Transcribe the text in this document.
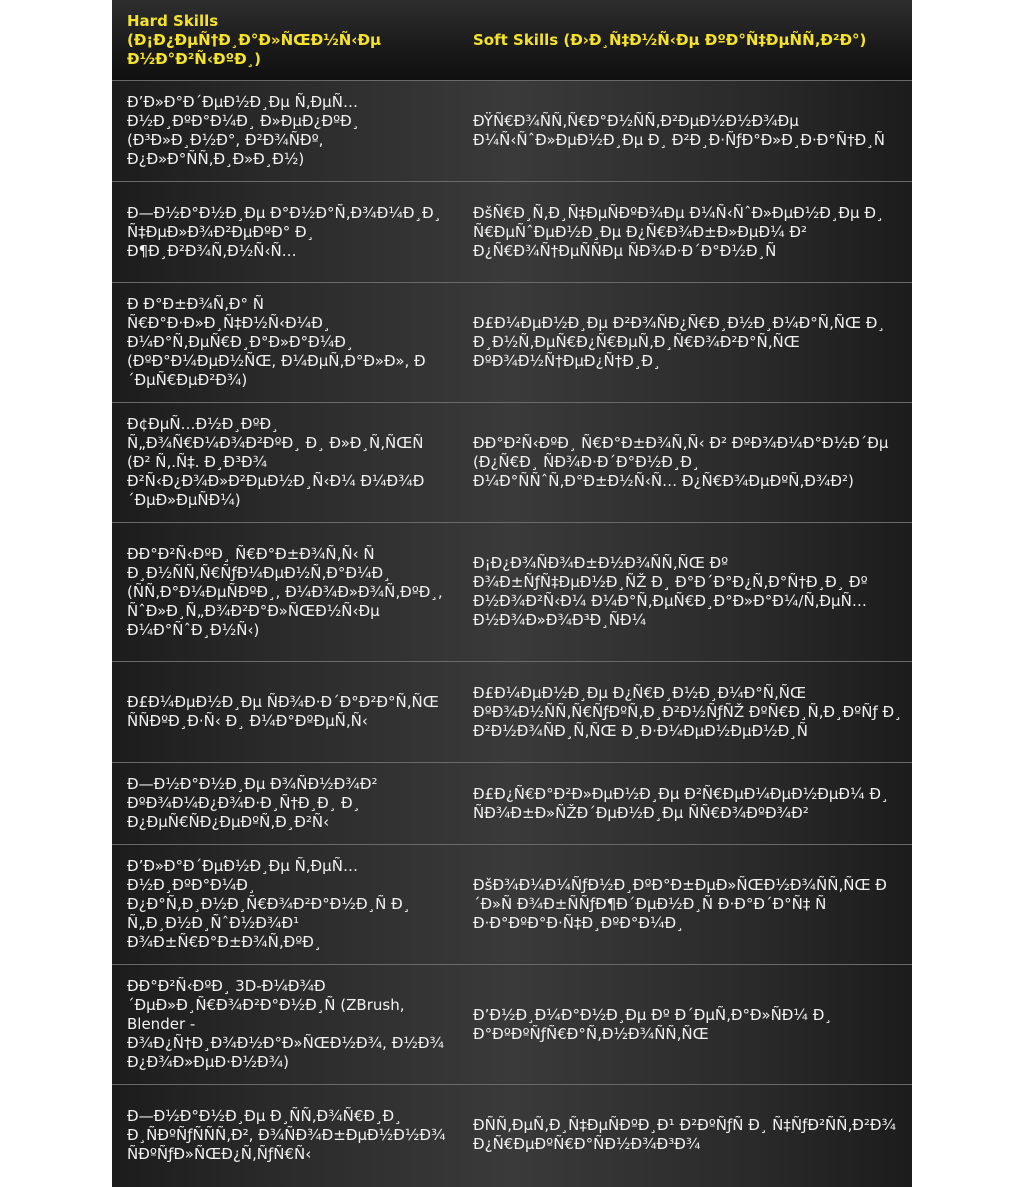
Hard Skills (Ð¡Ð¿ÐµÑ†Ð¸Ð°Ð»ÑŒÐ½Ñ‹Ðµ Ð½Ð°Ð²Ñ‹ÐºÐ¸)	Soft Skills (Ð›Ð¸Ñ‡Ð½Ñ‹Ðµ ÐºÐ°Ñ‡ÐµÑÑ‚Ð²Ð°)
Ð’Ð»Ð°Ð´ÐµÐ½Ð¸Ðµ Ñ‚ÐµÑ…Ð½Ð¸ÐºÐ°Ð¼Ð¸ Ð»ÐµÐ¿ÐºÐ¸ (Ð³Ð»Ð¸Ð½Ð°, Ð²Ð¾ÑÐº, Ð¿Ð»Ð°ÑÑ‚Ð¸Ð»Ð¸Ð½)	ÐŸÑ€Ð¾ÑÑ‚Ñ€Ð°Ð½ÑÑ‚Ð²ÐµÐ½Ð½Ð¾Ðµ Ð¼Ñ‹ÑˆÐ»ÐµÐ½Ð¸Ðµ Ð¸ Ð²Ð¸Ð·ÑƒÐ°Ð»Ð¸Ð·Ð°Ñ†Ð¸Ñ
Ð—Ð½Ð°Ð½Ð¸Ðµ Ð°Ð½Ð°Ñ‚Ð¾Ð¼Ð¸Ð¸ Ñ‡ÐµÐ»Ð¾Ð²ÐµÐºÐ° Ð¸ Ð¶Ð¸Ð²Ð¾Ñ‚Ð½Ñ‹Ñ…	ÐšÑ€Ð¸Ñ‚Ð¸Ñ‡ÐµÑÐºÐ¾Ðµ Ð¼Ñ‹ÑˆÐ»ÐµÐ½Ð¸Ðµ Ð¸ Ñ€ÐµÑˆÐµÐ½Ð¸Ðµ Ð¿Ñ€Ð¾Ð±Ð»ÐµÐ¼ Ð² Ð¿Ñ€Ð¾Ñ†ÐµÑÑÐµ ÑÐ¾Ð·Ð´Ð°Ð½Ð¸Ñ
Ð Ð°Ð±Ð¾Ñ‚Ð° Ñ Ñ€Ð°Ð·Ð»Ð¸Ñ‡Ð½Ñ‹Ð¼Ð¸ Ð¼Ð°Ñ‚ÐµÑ€Ð¸Ð°Ð»Ð°Ð¼Ð¸ (ÐºÐ°Ð¼ÐµÐ½ÑŒ, Ð¼ÐµÑ‚Ð°Ð»Ð», Ð´ÐµÑ€ÐµÐ²Ð¾)	Ð£Ð¼ÐµÐ½Ð¸Ðµ Ð²Ð¾ÑÐ¿Ñ€Ð¸Ð½Ð¸Ð¼Ð°Ñ‚ÑŒ Ð¸ Ð¸Ð½Ñ‚ÐµÑ€Ð¿Ñ€ÐµÑ‚Ð¸Ñ€Ð¾Ð²Ð°Ñ‚ÑŒ ÐºÐ¾Ð½Ñ†ÐµÐ¿Ñ†Ð¸Ð¸
Ð¢ÐµÑ…Ð½Ð¸ÐºÐ¸ Ñ„Ð¾Ñ€Ð¼Ð¾Ð²ÐºÐ¸ Ð¸ Ð»Ð¸Ñ‚ÑŒÑ (Ð² Ñ‚.Ñ‡. Ð¸Ð³Ð¾ Ð²Ñ‹Ð¿Ð¾Ð»Ð²ÐµÐ½Ð¸Ñ‹Ð¼ Ð¼Ð¾Ð´ÐµÐ»ÐµÑÐ¼)	ÐÐ°Ð²Ñ‹ÐºÐ¸ Ñ€Ð°Ð±Ð¾Ñ‚Ñ‹ Ð² ÐºÐ¾Ð¼Ð°Ð½Ð´Ðµ (Ð¿Ñ€Ð¸ ÑÐ¾Ð·Ð´Ð°Ð½Ð¸Ð¸ Ð¼Ð°ÑÑˆÑ‚Ð°Ð±Ð½Ñ‹Ñ… Ð¿Ñ€Ð¾ÐµÐºÑ‚Ð¾Ð²)
ÐÐ°Ð²Ñ‹ÐºÐ¸ Ñ€Ð°Ð±Ð¾Ñ‚Ñ‹ Ñ Ð¸Ð½ÑÑ‚Ñ€ÑƒÐ¼ÐµÐ½Ñ‚Ð°Ð¼Ð¸ (ÑÑ‚Ð°Ð¼ÐµÑÐºÐ¸, Ð¼Ð¾Ð»Ð¾Ñ‚ÐºÐ¸, ÑˆÐ»Ð¸Ñ„Ð¾Ð²Ð°Ð»ÑŒÐ½Ñ‹Ðµ Ð¼Ð°ÑˆÐ¸Ð½Ñ‹)	Ð¡Ð¿Ð¾ÑÐ¾Ð±Ð½Ð¾ÑÑ‚ÑŒ Ðº Ð¾Ð±ÑƒÑ‡ÐµÐ½Ð¸ÑŽ Ð¸ Ð°Ð´Ð°Ð¿Ñ‚Ð°Ñ†Ð¸Ð¸ Ðº Ð½Ð¾Ð²Ñ‹Ð¼ Ð¼Ð°Ñ‚ÐµÑ€Ð¸Ð°Ð»Ð°Ð¼/Ñ‚ÐµÑ…Ð½Ð¾Ð»Ð¾Ð³Ð¸ÑÐ¼
Ð£Ð¼ÐµÐ½Ð¸Ðµ ÑÐ¾Ð·Ð´Ð°Ð²Ð°Ñ‚ÑŒ ÑÑÐºÐ¸Ð·Ñ‹ Ð¸ Ð¼Ð°ÐºÐµÑ‚Ñ‹	Ð£Ð¼ÐµÐ½Ð¸Ðµ Ð¿Ñ€Ð¸Ð½Ð¸Ð¼Ð°Ñ‚ÑŒ ÐºÐ¾Ð½ÑÑ‚Ñ€ÑƒÐºÑ‚Ð¸Ð²Ð½ÑƒÑŽ ÐºÑ€Ð¸Ñ‚Ð¸ÐºÑƒ Ð¸ Ð²Ð½Ð¾ÑÐ¸Ñ‚ÑŒ Ð¸Ð·Ð¼ÐµÐ½ÐµÐ½Ð¸Ñ
Ð—Ð½Ð°Ð½Ð¸Ðµ Ð¾ÑÐ½Ð¾Ð² ÐºÐ¾Ð¼Ð¿Ð¾Ð·Ð¸Ñ†Ð¸Ð¸ Ð¸ Ð¿ÐµÑ€ÑÐ¿ÐµÐºÑ‚Ð¸Ð²Ñ‹	Ð£Ð¿Ñ€Ð°Ð²Ð»ÐµÐ½Ð¸Ðµ Ð²Ñ€ÐµÐ¼ÐµÐ½ÐµÐ¼ Ð¸ ÑÐ¾Ð±Ð»ÑŽÐ´ÐµÐ½Ð¸Ðµ ÑÑ€Ð¾ÐºÐ¾Ð²
Ð’Ð»Ð°Ð´ÐµÐ½Ð¸Ðµ Ñ‚ÐµÑ…Ð½Ð¸ÐºÐ°Ð¼Ð¸ Ð¿Ð°Ñ‚Ð¸Ð½Ð¸Ñ€Ð¾Ð²Ð°Ð½Ð¸Ñ Ð¸ Ñ„Ð¸Ð½Ð¸ÑˆÐ½Ð¾Ð¹ Ð¾Ð±Ñ€Ð°Ð±Ð¾Ñ‚ÐºÐ¸	ÐšÐ¾Ð¼Ð¼ÑƒÐ½Ð¸ÐºÐ°Ð±ÐµÐ»ÑŒÐ½Ð¾ÑÑ‚ÑŒ Ð´Ð»Ñ Ð¾Ð±ÑÑƒÐ¶Ð´ÐµÐ½Ð¸Ñ Ð·Ð°Ð´Ð°Ñ‡ Ñ Ð·Ð°ÐºÐ°Ð·Ñ‡Ð¸ÐºÐ°Ð¼Ð¸
ÐÐ°Ð²Ñ‹ÐºÐ¸ 3D-Ð¼Ð¾Ð´ÐµÐ»Ð¸Ñ€Ð¾Ð²Ð°Ð½Ð¸Ñ (ZBrush, Blender - Ð¾Ð¿Ñ†Ð¸Ð¾Ð½Ð°Ð»ÑŒÐ½Ð¾, Ð½Ð¾ Ð¿Ð¾Ð»ÐµÐ·Ð½Ð¾)	Ð’Ð½Ð¸Ð¼Ð°Ð½Ð¸Ðµ Ðº Ð´ÐµÑ‚Ð°Ð»ÑÐ¼ Ð¸ Ð°ÐºÐºÑƒÑ€Ð°Ñ‚Ð½Ð¾ÑÑ‚ÑŒ
Ð—Ð½Ð°Ð½Ð¸Ðµ Ð¸ÑÑ‚Ð¾Ñ€Ð¸Ð¸ Ð¸ÑÐºÑƒÑÑÑ‚Ð², Ð¾ÑÐ¾Ð±ÐµÐ½Ð½Ð¾ ÑÐºÑƒÐ»ÑŒÐ¿Ñ‚ÑƒÑ€Ñ‹	ÐÑÑ‚ÐµÑ‚Ð¸Ñ‡ÐµÑÐºÐ¸Ð¹ Ð²ÐºÑƒÑ Ð¸ Ñ‡ÑƒÐ²ÑÑ‚Ð²Ð¾ Ð¿Ñ€ÐµÐºÑ€Ð°ÑÐ½Ð¾Ð³Ð¾
